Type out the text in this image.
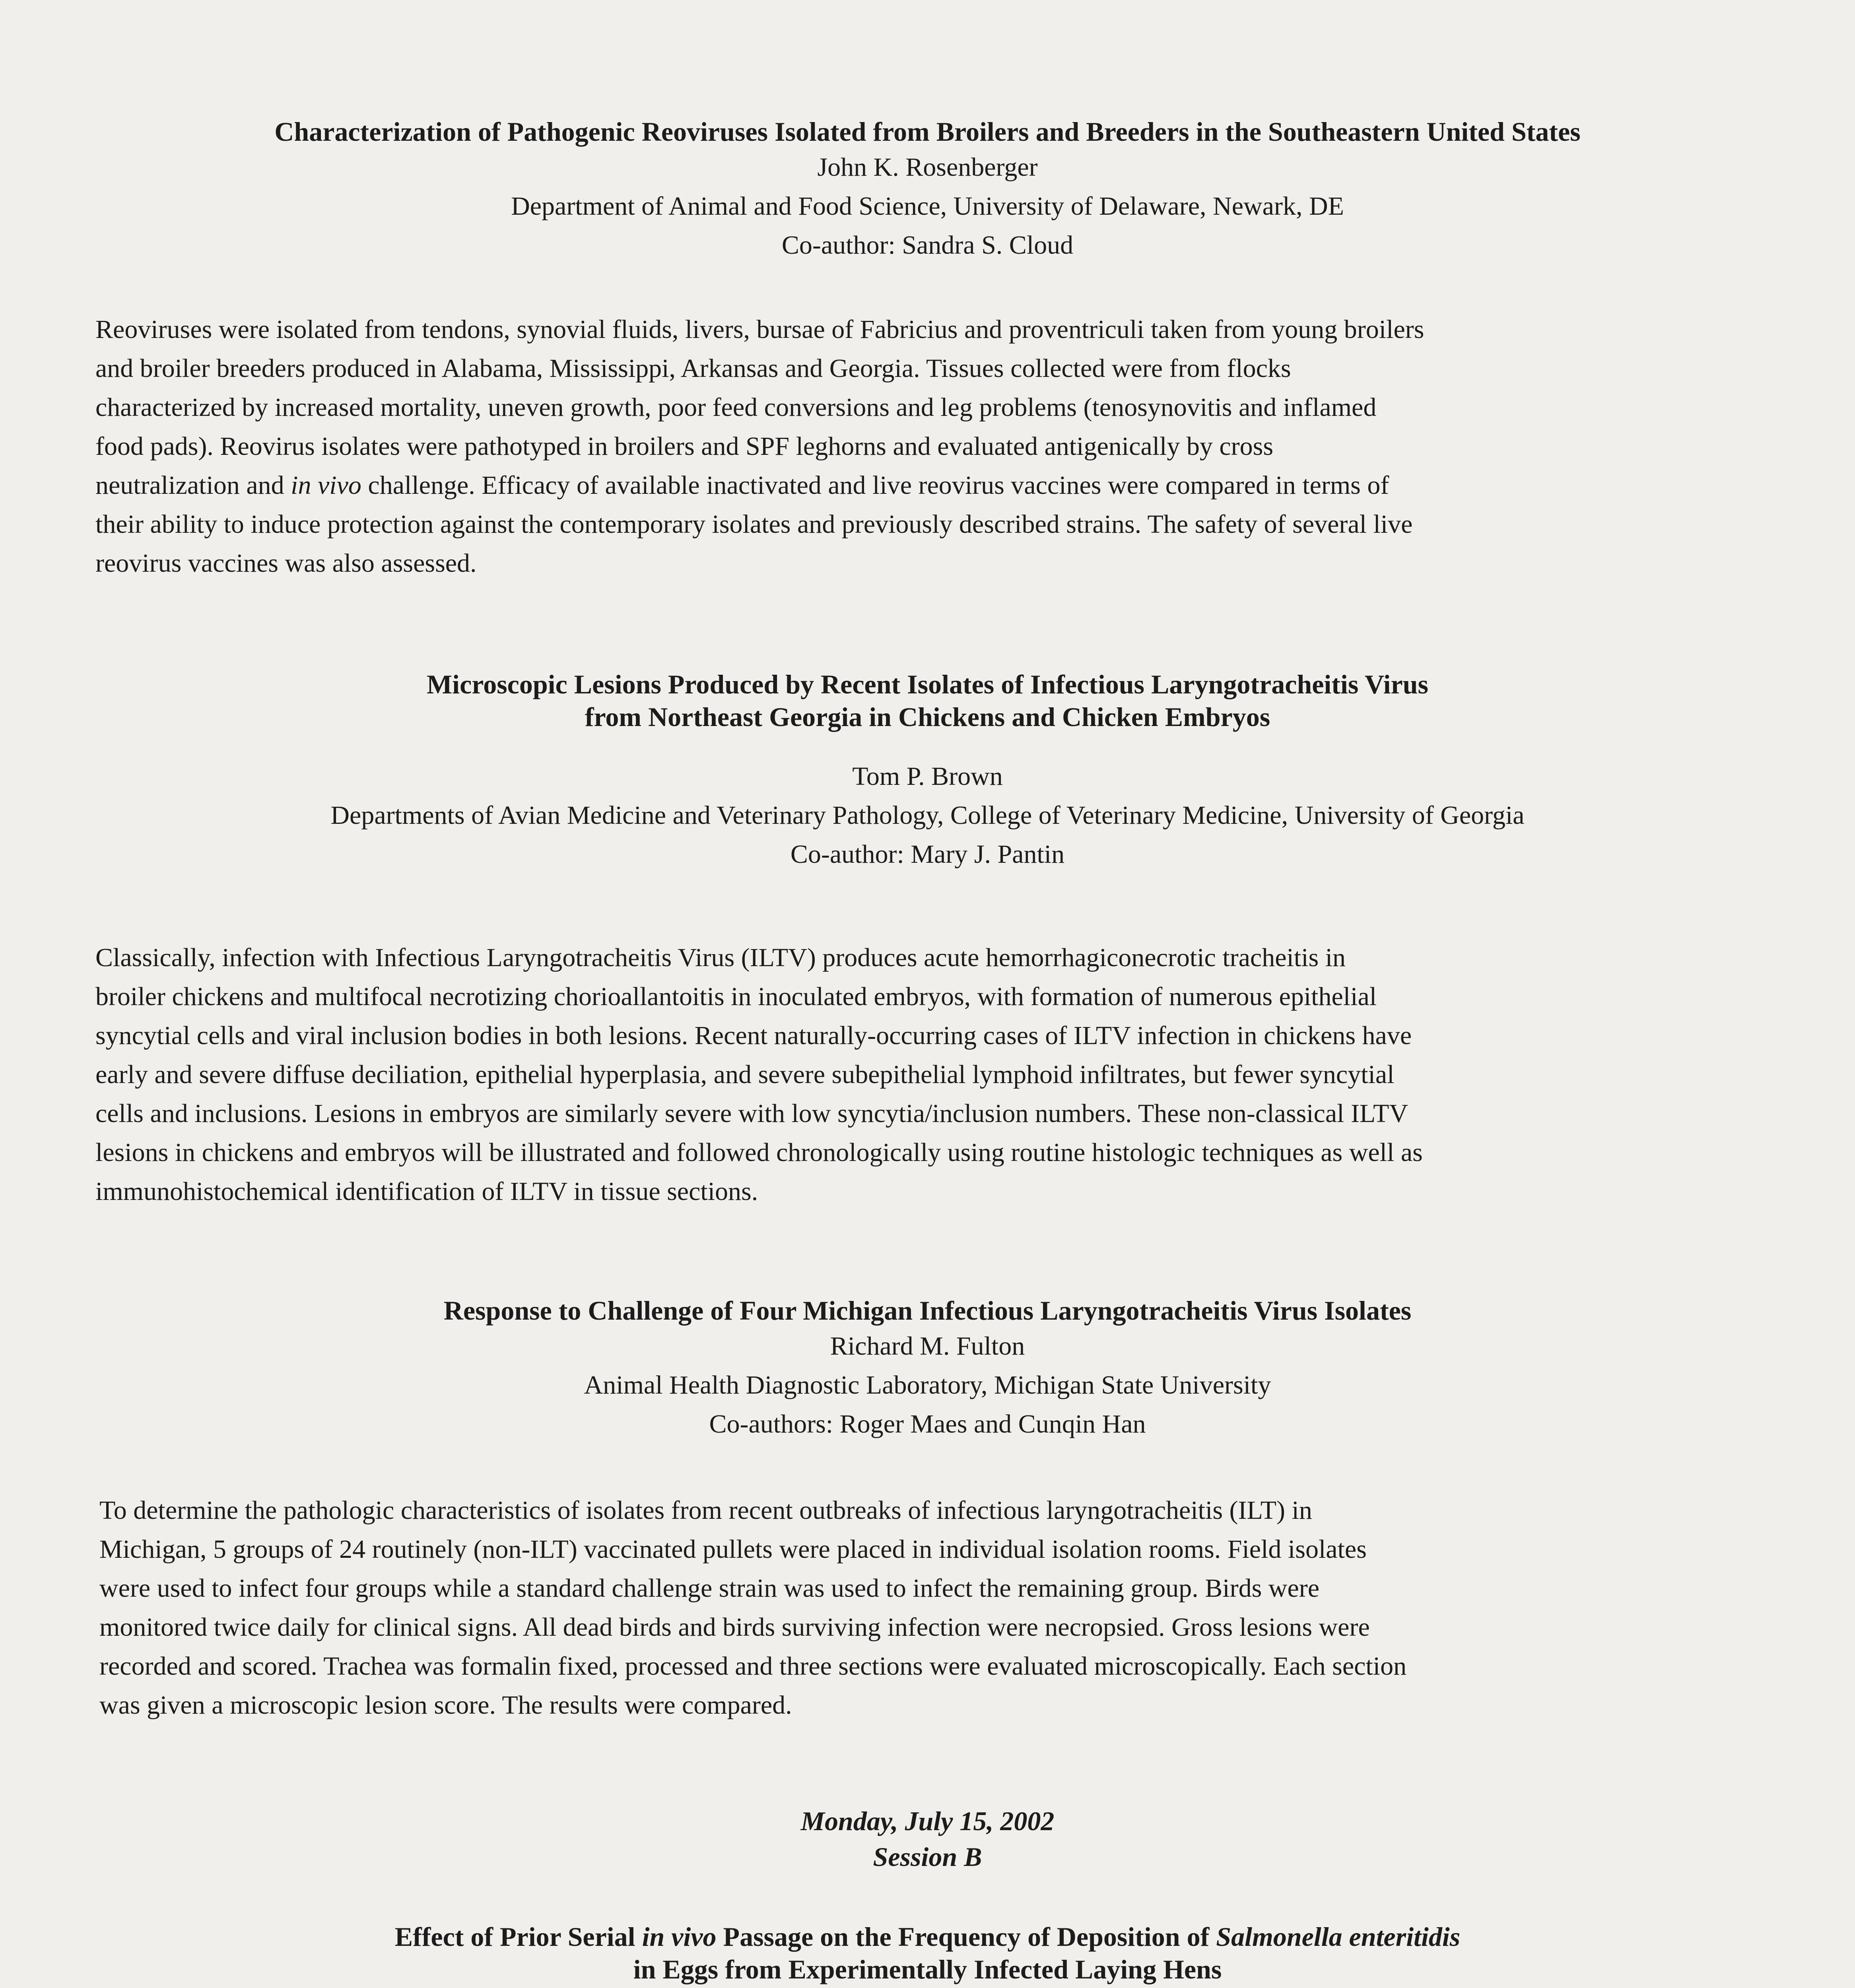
Characterization of Pathogenic Reoviruses Isolated from Broilers and Breeders in the Southeastern United States
John K. Rosenberger
Department of Animal and Food Science, University of Delaware, Newark, DE
Co-author: Sandra S. Cloud
Reoviruses were isolated from tendons, synovial fluids, livers, bursae of Fabricius and proventriculi taken from young broilers
and broiler breeders produced in Alabama, Mississippi, Arkansas and Georgia. Tissues collected were from flocks
characterized by increased mortality, uneven growth, poor feed conversions and leg problems (tenosynovitis and inflamed
food pads). Reovirus isolates were pathotyped in broilers and SPF leghorns and evaluated antigenically by cross
neutralization and in vivo challenge. Efficacy of available inactivated and live reovirus vaccines were compared in terms of
their ability to induce protection against the contemporary isolates and previously described strains. The safety of several live
reovirus vaccines was also assessed.
Microscopic Lesions Produced by Recent Isolates of Infectious Laryngotracheitis Virus
from Northeast Georgia in Chickens and Chicken Embryos
Tom P. Brown
Departments of Avian Medicine and Veterinary Pathology, College of Veterinary Medicine, University of Georgia
Co-author: Mary J. Pantin
Classically, infection with Infectious Laryngotracheitis Virus (ILTV) produces acute hemorrhagiconecrotic tracheitis in
broiler chickens and multifocal necrotizing chorioallantoitis in inoculated embryos, with formation of numerous epithelial
syncytial cells and viral inclusion bodies in both lesions. Recent naturally-occurring cases of ILTV infection in chickens have
early and severe diffuse deciliation, epithelial hyperplasia, and severe subepithelial lymphoid infiltrates, but fewer syncytial
cells and inclusions. Lesions in embryos are similarly severe with low syncytia/inclusion numbers. These non-classical ILTV
lesions in chickens and embryos will be illustrated and followed chronologically using routine histologic techniques as well as
immunohistochemical identification of ILTV in tissue sections.
Response to Challenge of Four Michigan Infectious Laryngotracheitis Virus Isolates
Richard M. Fulton
Animal Health Diagnostic Laboratory, Michigan State University
Co-authors: Roger Maes and Cunqin Han
To determine the pathologic characteristics of isolates from recent outbreaks of infectious laryngotracheitis (ILT) in
Michigan, 5 groups of 24 routinely (non-ILT) vaccinated pullets were placed in individual isolation rooms. Field isolates
were used to infect four groups while a standard challenge strain was used to infect the remaining group. Birds were
monitored twice daily for clinical signs. All dead birds and birds surviving infection were necropsied. Gross lesions were
recorded and scored. Trachea was formalin fixed, processed and three sections were evaluated microscopically. Each section
was given a microscopic lesion score. The results were compared.
Monday, July 15, 2002
Session B
Effect of Prior Serial in vivo Passage on the Frequency of Deposition of Salmonella enteritidis
in Eggs from Experimentally Infected Laying Hens
